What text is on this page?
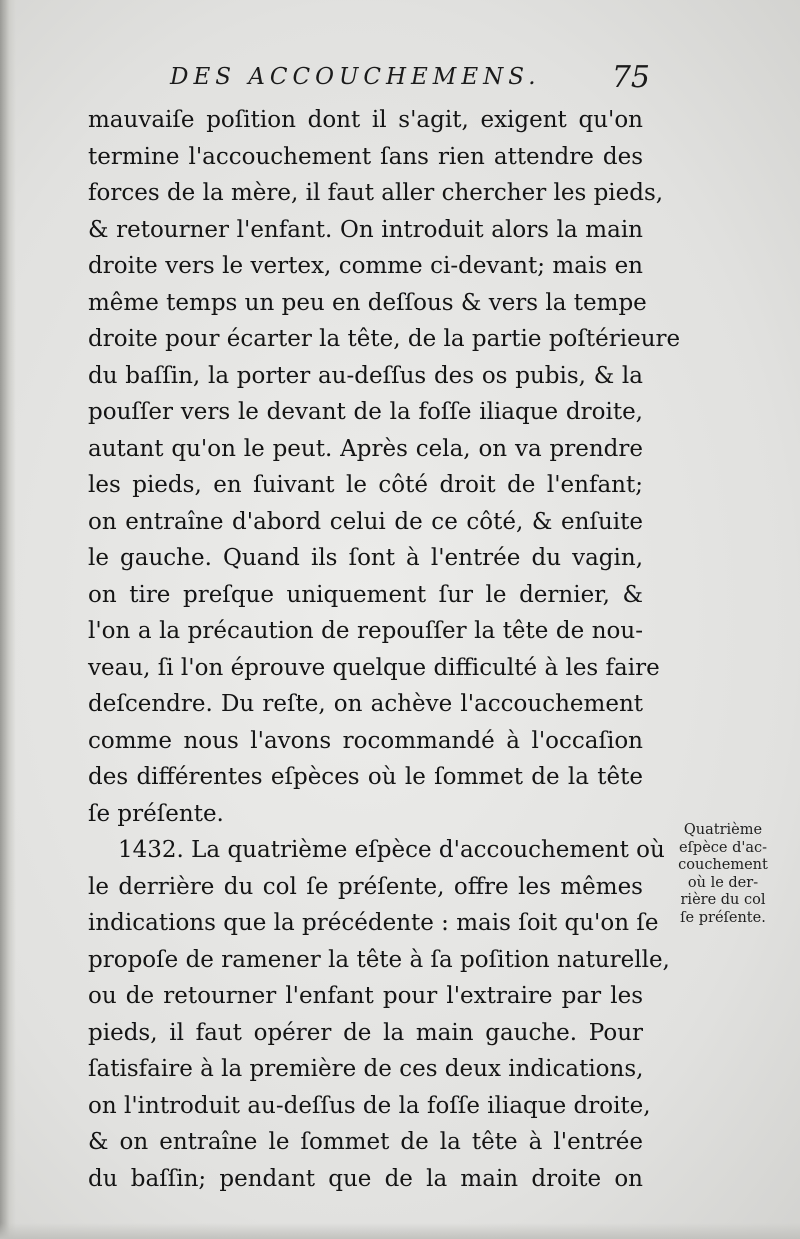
DES ACCOUCHEMENS. 75
mauvaiſe poſition dont il s'agit, exigent qu'on
termine l'accouchement ſans rien attendre des
forces de la mère, il faut aller chercher les pieds,
& retourner l'enfant. On introduit alors la main
droite vers le vertex, comme ci-devant; mais en
même temps un peu en deſſous & vers la tempe
droite pour écarter la tête, de la partie poſtérieure
du baſſin, la porter au-deſſus des os pubis, & la
pouſſer vers le devant de la foſſe iliaque droite,
autant qu'on le peut. Après cela, on va prendre
les pieds, en ſuivant le côté droit de l'enfant;
on entraîne d'abord celui de ce côté, & enſuite
le gauche. Quand ils ſont à l'entrée du vagin,
on tire preſque uniquement ſur le dernier, &
l'on a la précaution de repouſſer la tête de nou-
veau, ſi l'on éprouve quelque difficulté à les faire
deſcendre. Du reſte, on achève l'accouchement
comme nous l'avons rocommandé à l'occaſion
des différentes eſpèces où le ſommet de la tête
ſe préſente.
1432. La quatrième eſpèce d'accouchement où
le derrière du col ſe préſente, offre les mêmes
indications que la précédente : mais ſoit qu'on ſe
propoſe de ramener la tête à ſa poſition naturelle,
ou de retourner l'enfant pour l'extraire par les
pieds, il faut opérer de la main gauche. Pour
ſatisfaire à la première de ces deux indications,
on l'introduit au-deſſus de la foſſe iliaque droite,
& on entraîne le ſommet de la tête à l'entrée
du baſſin; pendant que de la main droite on
Quatrième
eſpèce d'ac-
couchement
où le der-
rière du col
ſe préſente.
